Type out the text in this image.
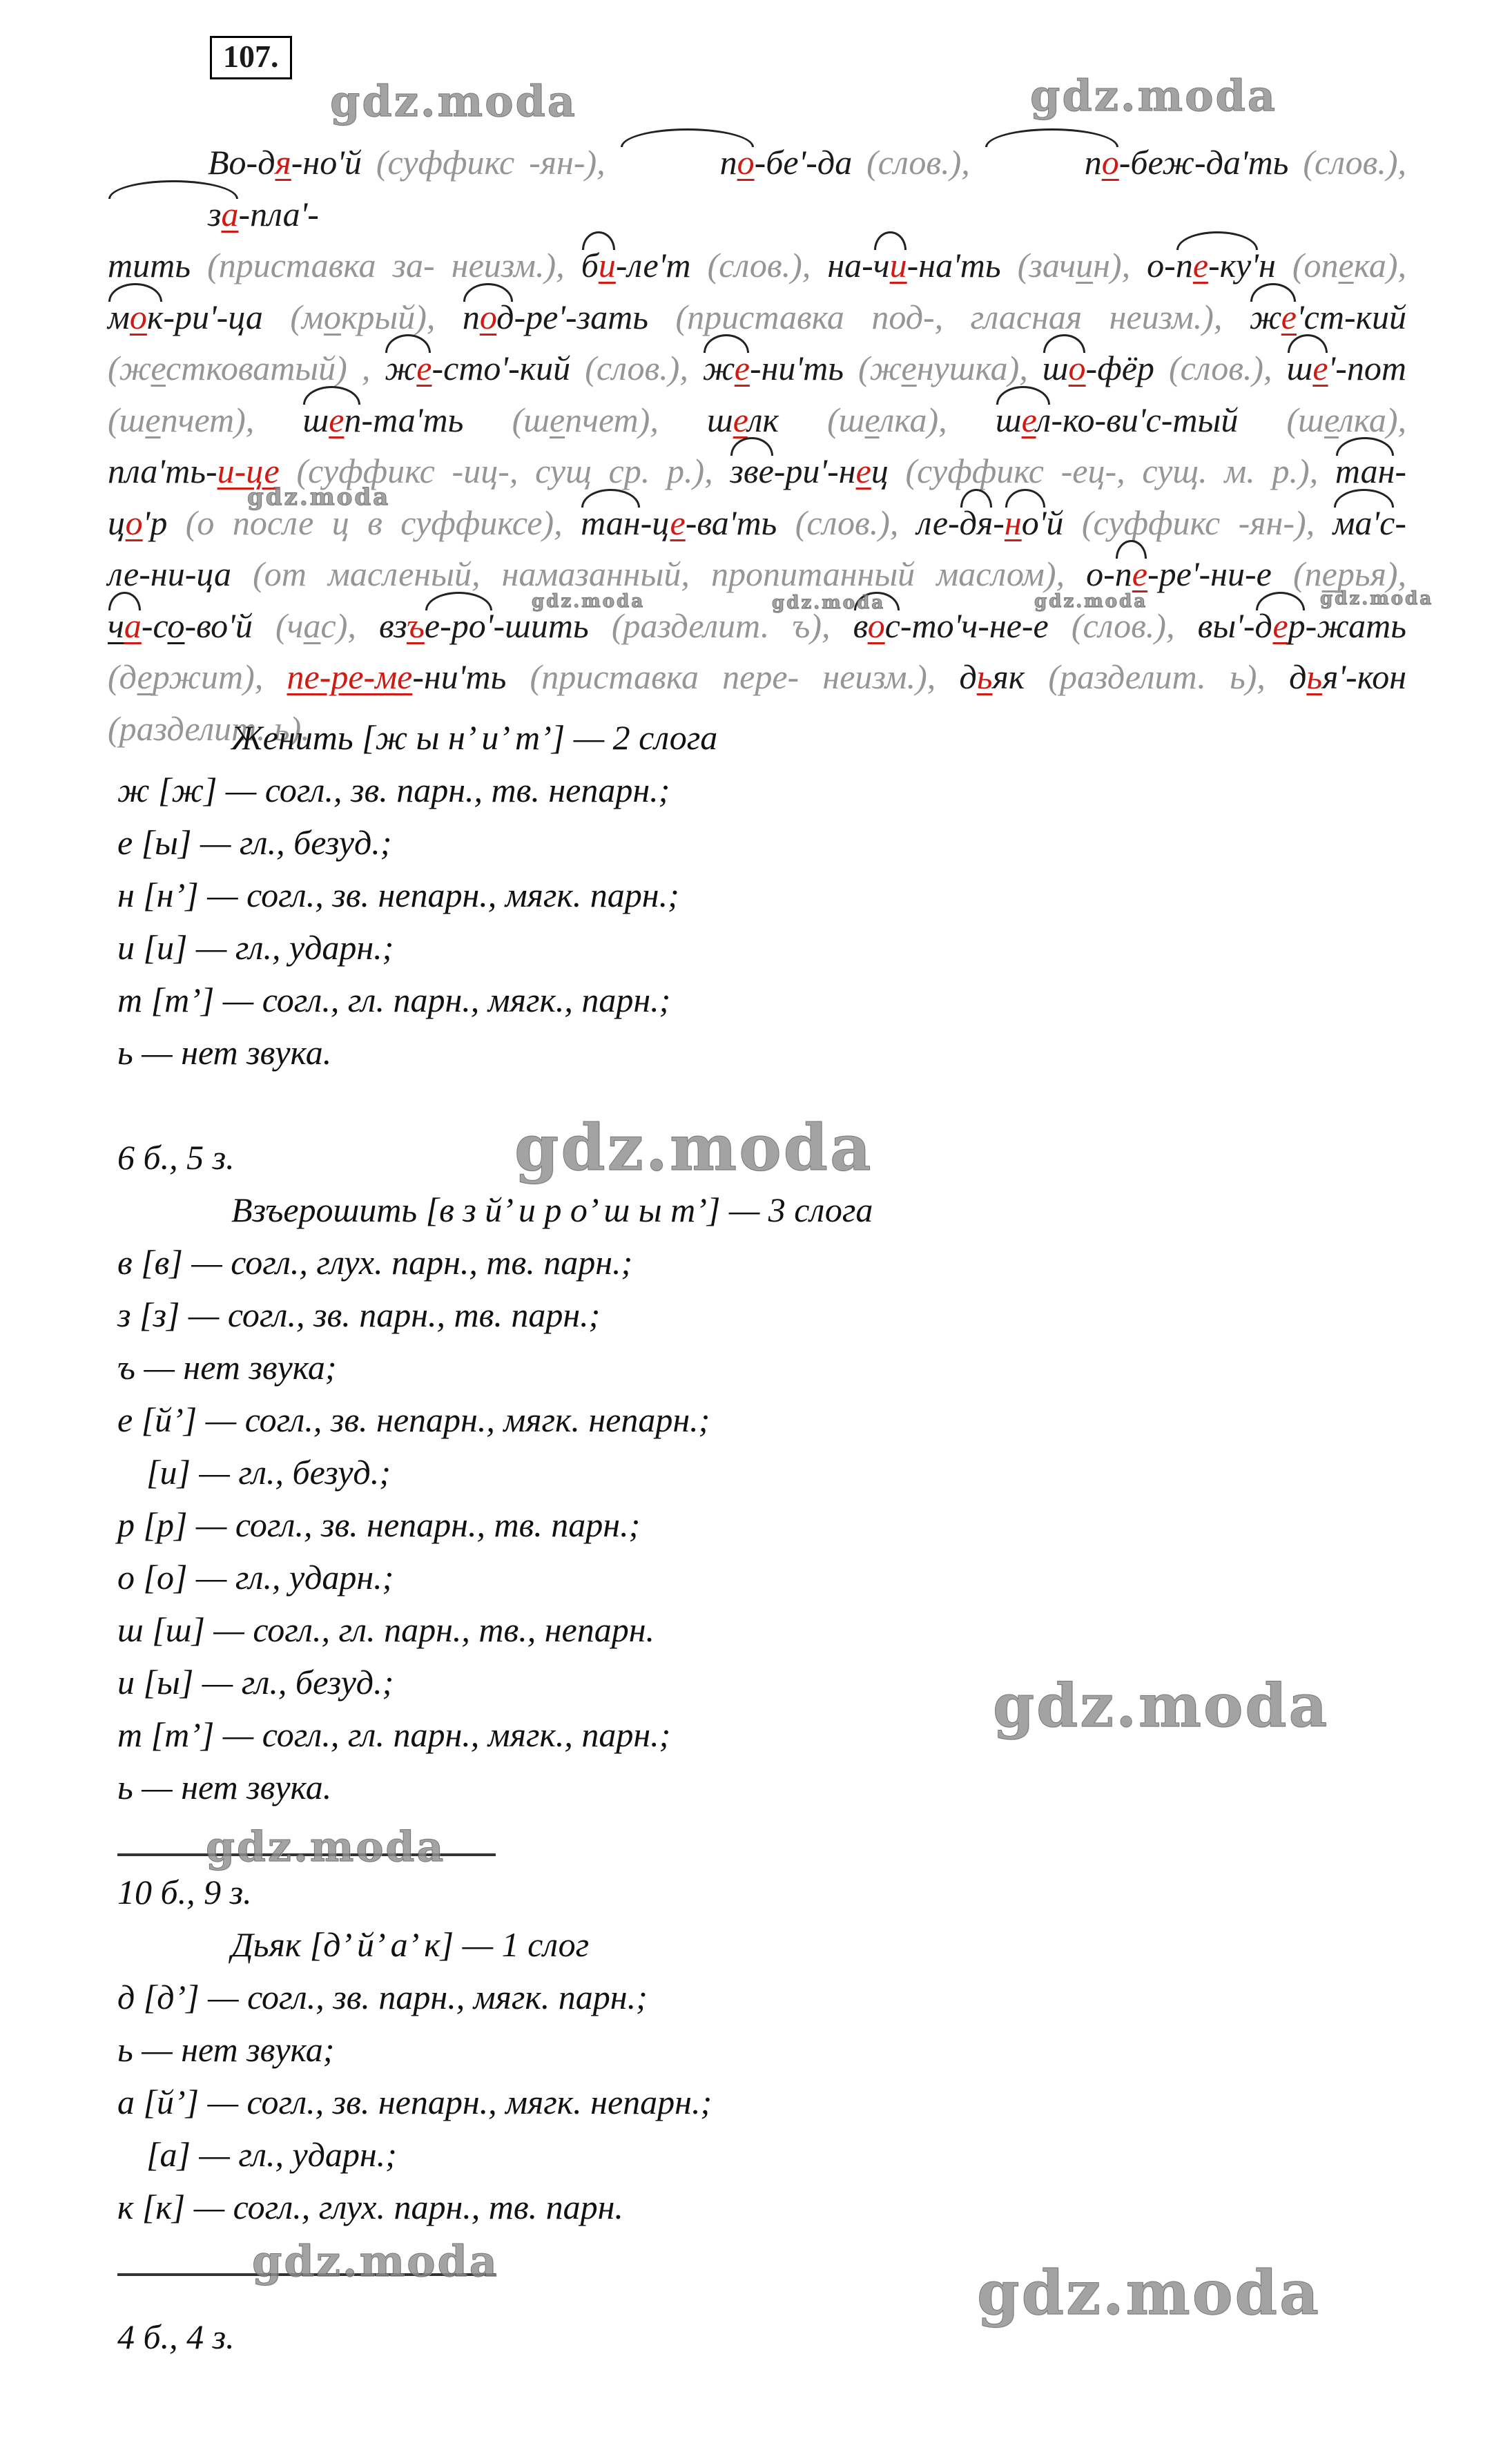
107.
gdz.moda	gdz.moda
gdz.moda
gdz.moda	gdz.moda	gdz.moda	gdz.moda
gdz.moda
gdz.moda
gdz.moda
gdz.moda	gdz.moda
Во-дя-но'й (суффикс -ян-),	по-бе'-да (слов.),	по-беж-да'ть (слов.), за-пла'-
тить (приставка за- неизм.), би-ле'т (слов.), на-чи-на'ть (зачин), о-пе-ку'н (опека),
мок-ри'-ца (мокрый), под-ре'-зать (приставка под-, гласная неизм.), же'ст-кий
(жестковатый) , же-сто'-кий (слов.), же-ни'ть (женушка), шо-фёр (слов.), ше'-пот
(шепчет), шеп-та'ть (шепчет), шелк (шелка), шел-ко-ви'с-тый (шелка),
пла'ть-и-це (суффикс -иц-, сущ ср. р.), зве-ри'-нец (суффикс -ец-, сущ. м. р.), тан-
цо'р (о после ц в суффиксе), тан-це-ва'ть (слов.), ле-дя-но'й (суффикс -ян-), ма'с-
ле-ни-ца (от масленый, намазанный, пропитанный маслом), о-пе-ре'-ни-е (перья),
ча-со-во'й (час), взъе-ро'-шить (разделит. ъ), вос-то'ч-не-е (слов.), вы'-дер-жать
(держит), пе-ре-ме-ни'ть (приставка пере- неизм.), дьяк (разделит. ь), дья'-кон
(разделит. ь).
Женить [ж ы н’ и’ т’] — 2 слога
ж [ж] — согл., зв. парн., тв. непарн.;
е [ы] — гл., безуд.;
н [н’] — согл., зв. непарн., мягк. парн.;
и [и] — гл., ударн.;
т [т’] — согл., гл. парн., мягк., парн.;
ь — нет звука.
6 б., 5 з.
Взъерошить [в з й’ и р о’ ш ы т’] — 3 слога
в [в] — согл., глух. парн., тв. парн.;
з [з] — согл., зв. парн., тв. парн.;
ъ — нет звука;
е [й’] — согл., зв. непарн., мягк. непарн.;
[и] — гл., безуд.;
р [р] — согл., зв. непарн., тв. парн.;
о [о] — гл., ударн.;
ш [ш] — согл., гл. парн., тв., непарн.
и [ы] — гл., безуд.;
т [т’] — согл., гл. парн., мягк., парн.;
ь — нет звука.
10 б., 9 з.
Дьяк [д’ й’ а’ к] — 1 слог
д [д’] — согл., зв. парн., мягк. парн.;
ь — нет звука;
а [й’] — согл., зв. непарн., мягк. непарн.;
[а] — гл., ударн.;
к [к] — согл., глух. парн., тв. парн.
4 б., 4 з.
